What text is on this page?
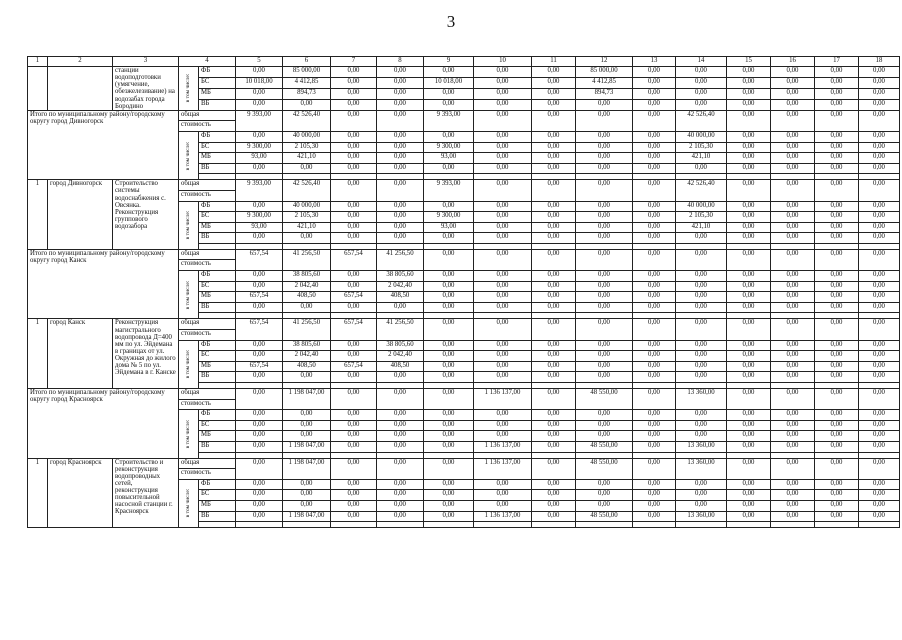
3
1	2	3	4		5	6	7	8	9	10	11	12	13	14	15	16	17	18
		станции водоподготовки (умягчение, обезжелезивание) на водозабах города Бородино	в том числе:	ФБ	0,00	85 000,00	0,00	0,00	0,00	0,00	0,00	85 000,00	0,00	0,00	0,00	0,00	0,00	0,00
				БС	10 018,00	4 412,85	0,00	0,00	10 018,00	0,00	0,00	4 412,85	0,00	0,00	0,00	0,00	0,00	0,00
				МБ	0,00	894,73	0,00	0,00	0,00	0,00	0,00	894,73	0,00	0,00	0,00	0,00	0,00	0,00
				ВБ	0,00	0,00	0,00	0,00	0,00	0,00	0,00	0,00	0,00	0,00	0,00	0,00	0,00	0,00
Итого по муниципальному району/городскому округу город Дивногорск			общая		9 393,00	42 526,40	0,00	0,00	9 393,00	0,00	0,00	0,00	0,00	42 526,40	0,00	0,00	0,00	0,00
			стоимость															

			в том числе:	ФБ	0,00	40 000,00	0,00	0,00	0,00	0,00	0,00	0,00	0,00	40 000,00	0,00	0,00	0,00	0,00
				БС	9 300,00	2 105,30	0,00	0,00	9 300,00	0,00	0,00	0,00	0,00	2 105,30	0,00	0,00	0,00	0,00
				МБ	93,00	421,10	0,00	0,00	93,00	0,00	0,00	0,00	0,00	421,10	0,00	0,00	0,00	0,00
				ВБ	0,00	0,00	0,00	0,00	0,00	0,00	0,00	0,00	0,00	0,00	0,00	0,00	0,00	0,00

1	город Дивногорск	Строительство системы водоснабжения с. Овсянка. Реконструкция группового водозабора	общая		9 393,00	42 526,40	0,00	0,00	9 393,00	0,00	0,00	0,00	0,00	42 526,40	0,00	0,00	0,00	0,00
			стоимость															

			в том числе:	ФБ	0,00	40 000,00	0,00	0,00	0,00	0,00	0,00	0,00	0,00	40 000,00	0,00	0,00	0,00	0,00
				БС	9 300,00	2 105,30	0,00	0,00	9 300,00	0,00	0,00	0,00	0,00	2 105,30	0,00	0,00	0,00	0,00
				МБ	93,00	421,10	0,00	0,00	93,00	0,00	0,00	0,00	0,00	421,10	0,00	0,00	0,00	0,00
				ВБ	0,00	0,00	0,00	0,00	0,00	0,00	0,00	0,00	0,00	0,00	0,00	0,00	0,00	0,00

Итого по муниципальному району/городскому округу город Канск			общая		657,54	41 256,50	657,54	41 256,50	0,00	0,00	0,00	0,00	0,00	0,00	0,00	0,00	0,00	0,00
			стоимость															

			в том числе:	ФБ	0,00	38 805,60	0,00	38 805,60	0,00	0,00	0,00	0,00	0,00	0,00	0,00	0,00	0,00	0,00
				БС	0,00	2 042,40	0,00	2 042,40	0,00	0,00	0,00	0,00	0,00	0,00	0,00	0,00	0,00	0,00
				МБ	657,54	408,50	657,54	408,50	0,00	0,00	0,00	0,00	0,00	0,00	0,00	0,00	0,00	0,00
				ВБ	0,00	0,00	0,00	0,00	0,00	0,00	0,00	0,00	0,00	0,00	0,00	0,00	0,00	0,00

1	город Канск	Реконструкция магистрального водопровода Д=400 мм по ул. Эйдемана в границах от ул. Окружная до жилого дома № 5 по ул. Эйдемана в г. Канске	общая		657,54	41 256,50	657,54	41 256,50	0,00	0,00	0,00	0,00	0,00	0,00	0,00	0,00	0,00	0,00
			стоимость															

			в том числе:	ФБ	0,00	38 805,60	0,00	38 805,60	0,00	0,00	0,00	0,00	0,00	0,00	0,00	0,00	0,00	0,00
				БС	0,00	2 042,40	0,00	2 042,40	0,00	0,00	0,00	0,00	0,00	0,00	0,00	0,00	0,00	0,00
				МБ	657,54	408,50	657,54	408,50	0,00	0,00	0,00	0,00	0,00	0,00	0,00	0,00	0,00	0,00
				ВБ	0,00	0,00	0,00	0,00	0,00	0,00	0,00	0,00	0,00	0,00	0,00	0,00	0,00	0,00

Итого по муниципальному району/городскому округу город Красноярск			общая		0,00	1 198 047,00	0,00	0,00	0,00	1 136 137,00	0,00	48 550,00	0,00	13 360,00	0,00	0,00	0,00	0,00
			стоимость															

			в том числе:	ФБ	0,00	0,00	0,00	0,00	0,00	0,00	0,00	0,00	0,00	0,00	0,00	0,00	0,00	0,00
				БС	0,00	0,00	0,00	0,00	0,00	0,00	0,00	0,00	0,00	0,00	0,00	0,00	0,00	0,00
				МБ	0,00	0,00	0,00	0,00	0,00	0,00	0,00	0,00	0,00	0,00	0,00	0,00	0,00	0,00
				ВБ	0,00	1 198 047,00	0,00	0,00	0,00	1 136 137,00	0,00	48 550,00	0,00	13 360,00	0,00	0,00	0,00	0,00

1	город Красноярск	Строительство и реконструкция водопроводных сетей, реконструкция повысительной насосной станции г. Красноярск	общая		0,00	1 198 047,00	0,00	0,00	0,00	1 136 137,00	0,00	48 550,00	0,00	13 360,00	0,00	0,00	0,00	0,00
			стоимость															

			в том числе:	ФБ	0,00	0,00	0,00	0,00	0,00	0,00	0,00	0,00	0,00	0,00	0,00	0,00	0,00	0,00
				БС	0,00	0,00	0,00	0,00	0,00	0,00	0,00	0,00	0,00	0,00	0,00	0,00	0,00	0,00
				МБ	0,00	0,00	0,00	0,00	0,00	0,00	0,00	0,00	0,00	0,00	0,00	0,00	0,00	0,00
				ВБ	0,00	1 198 047,00	0,00	0,00	0,00	1 136 137,00	0,00	48 550,00	0,00	13 360,00	0,00	0,00	0,00	0,00
